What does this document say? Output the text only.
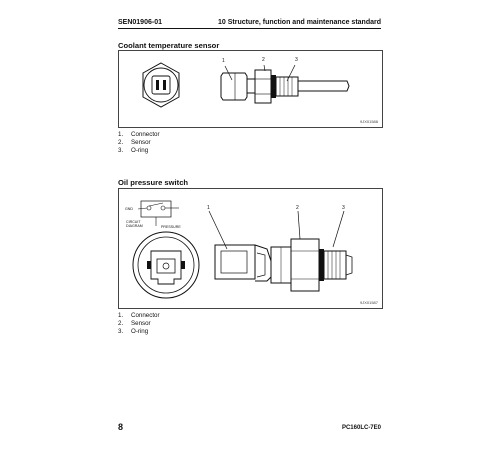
SEN01906-01	10 Structure, function and maintenance standard
Coolant temperature sensor
1	2	3
9JX01588
1. Connector
2. Sensor
3. O-ring
Oil pressure switch
GND
CIRCUIT
DIAGRAM	PRESSURE
1	2	3
9JX01587
1. Connector
2. Sensor
3. O-ring
8	PC160LC-7E0
